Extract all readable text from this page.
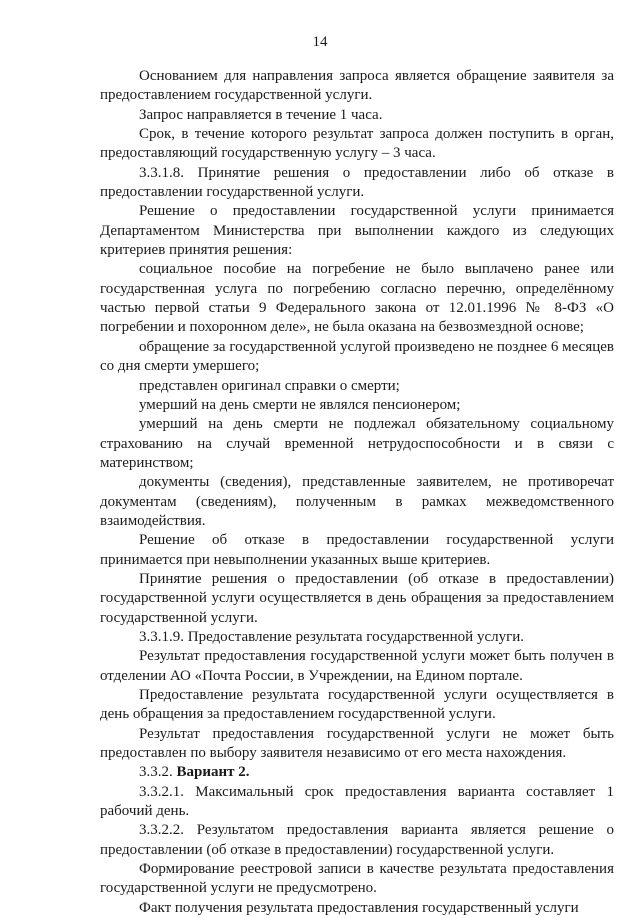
14

Основанием для направления запроса является обращение заявителя за предоставлением государственной услуги.

Запрос направляется в течение 1 часа.

Срок, в течение которого результат запроса должен поступить в орган, предоставляющий государственную услугу – 3 часа.

3.3.1.8. Принятие решения о предоставлении либо об отказе в предоставлении государственной услуги.

Решение о предоставлении государственной услуги принимается Департаментом Министерства при выполнении каждого из следующих критериев принятия решения:

социальное пособие на погребение не было выплачено ранее или государственная услуга по погребению согласно перечню, определённому частью первой статьи 9 Федерального закона от 12.01.1996 № 8-ФЗ «О погребении и похоронном деле», не была оказана на безвозмездной основе;

обращение за государственной услугой произведено не позднее 6 месяцев со дня смерти умершего;

представлен оригинал справки о смерти;

умерший на день смерти не являлся пенсионером;

умерший на день смерти не подлежал обязательному социальному страхованию на случай временной нетрудоспособности и в связи с материнством;

документы (сведения), представленные заявителем, не противоречат документам (сведениям), полученным в рамках межведомственного взаимодействия.

Решение об отказе в предоставлении государственной услуги принимается при невыполнении указанных выше критериев.

Принятие решения о предоставлении (об отказе в предоставлении) государственной услуги осуществляется в день обращения за предоставлением государственной услуги.

3.3.1.9. Предоставление результата государственной услуги.

Результат предоставления государственной услуги может быть получен в отделении АО «Почта России, в Учреждении, на Едином портале.

Предоставление результата государственной услуги осуществляется в день обращения за предоставлением государственной услуги.

Результат предоставления государственной услуги не может быть предоставлен по выбору заявителя независимо от его места нахождения.

3.3.2. Вариант 2.

3.3.2.1. Максимальный срок предоставления варианта составляет 1 рабочий день.

3.3.2.2. Результатом предоставления варианта является решение о предоставлении (об отказе в предоставлении) государственной услуги.

Формирование реестровой записи в качестве результата предоставления государственной услуги не предусмотрено.

Факт получения результата предоставления государственный услуги
